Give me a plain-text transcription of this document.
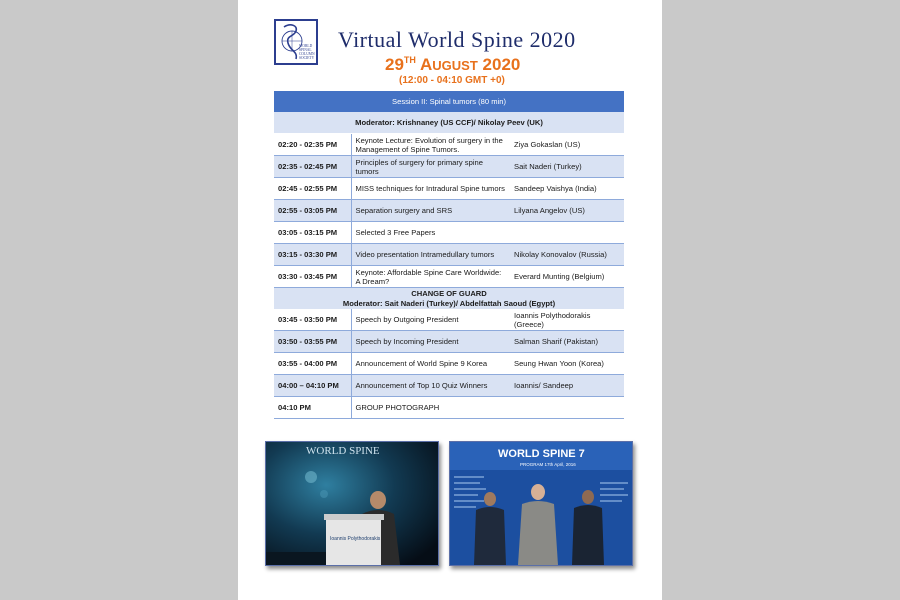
WORLD
SPINAL
COLUMN
SOCIETY
Virtual World Spine 2020
29TH AUGUST 2020
(12:00 - 04:10 GMT +0)
Session II: Spinal tumors (80 min)		
Moderator: Krishnaney (US CCF)/ Nikolay Peev (UK)		
02:20 - 02:35 PM	Keynote Lecture: Evolution of surgery in the Management of Spine Tumors.	Ziya Gokaslan (US)
02:35 - 02:45 PM	Principles of surgery for primary spine tumors	Sait Naderi (Turkey)
02:45 - 02:55 PM	MISS techniques for Intradural Spine tumors	Sandeep Vaishya (India)
02:55 - 03:05 PM	Separation surgery and SRS	Lilyana Angelov (US)
03:05 - 03:15 PM	Selected 3 Free Papers	
03:15 - 03:30 PM	Video presentation Intramedullary tumors	Nikolay Konovalov (Russia)
03:30 - 03:45 PM	Keynote: Affordable Spine Care Worldwide: A Dream?	Everard Munting (Belgium)

CHANGE OF GUARD
Moderator: Sait Naderi (Turkey)/ Abdelfattah Saoud (Egypt)		

03:45 - 03:50 PM	Speech by Outgoing President	Ioannis Polythodorakis (Greece)
03:50 - 03:55 PM	Speech by Incoming President	Salman Sharif (Pakistan)
03:55 - 04:00 PM	Announcement of World Spine 9 Korea	Seung Hwan Yoon (Korea)
04:00 – 04:10 PM	Announcement of Top 10 Quiz Winners	Ioannis/ Sandeep
04:10 PM	GROUP PHOTOGRAPH	
WORLD SPINE
Ioannis Polythodorakis
WORLD SPINE 7
PROGRAM 17th April, 2016
